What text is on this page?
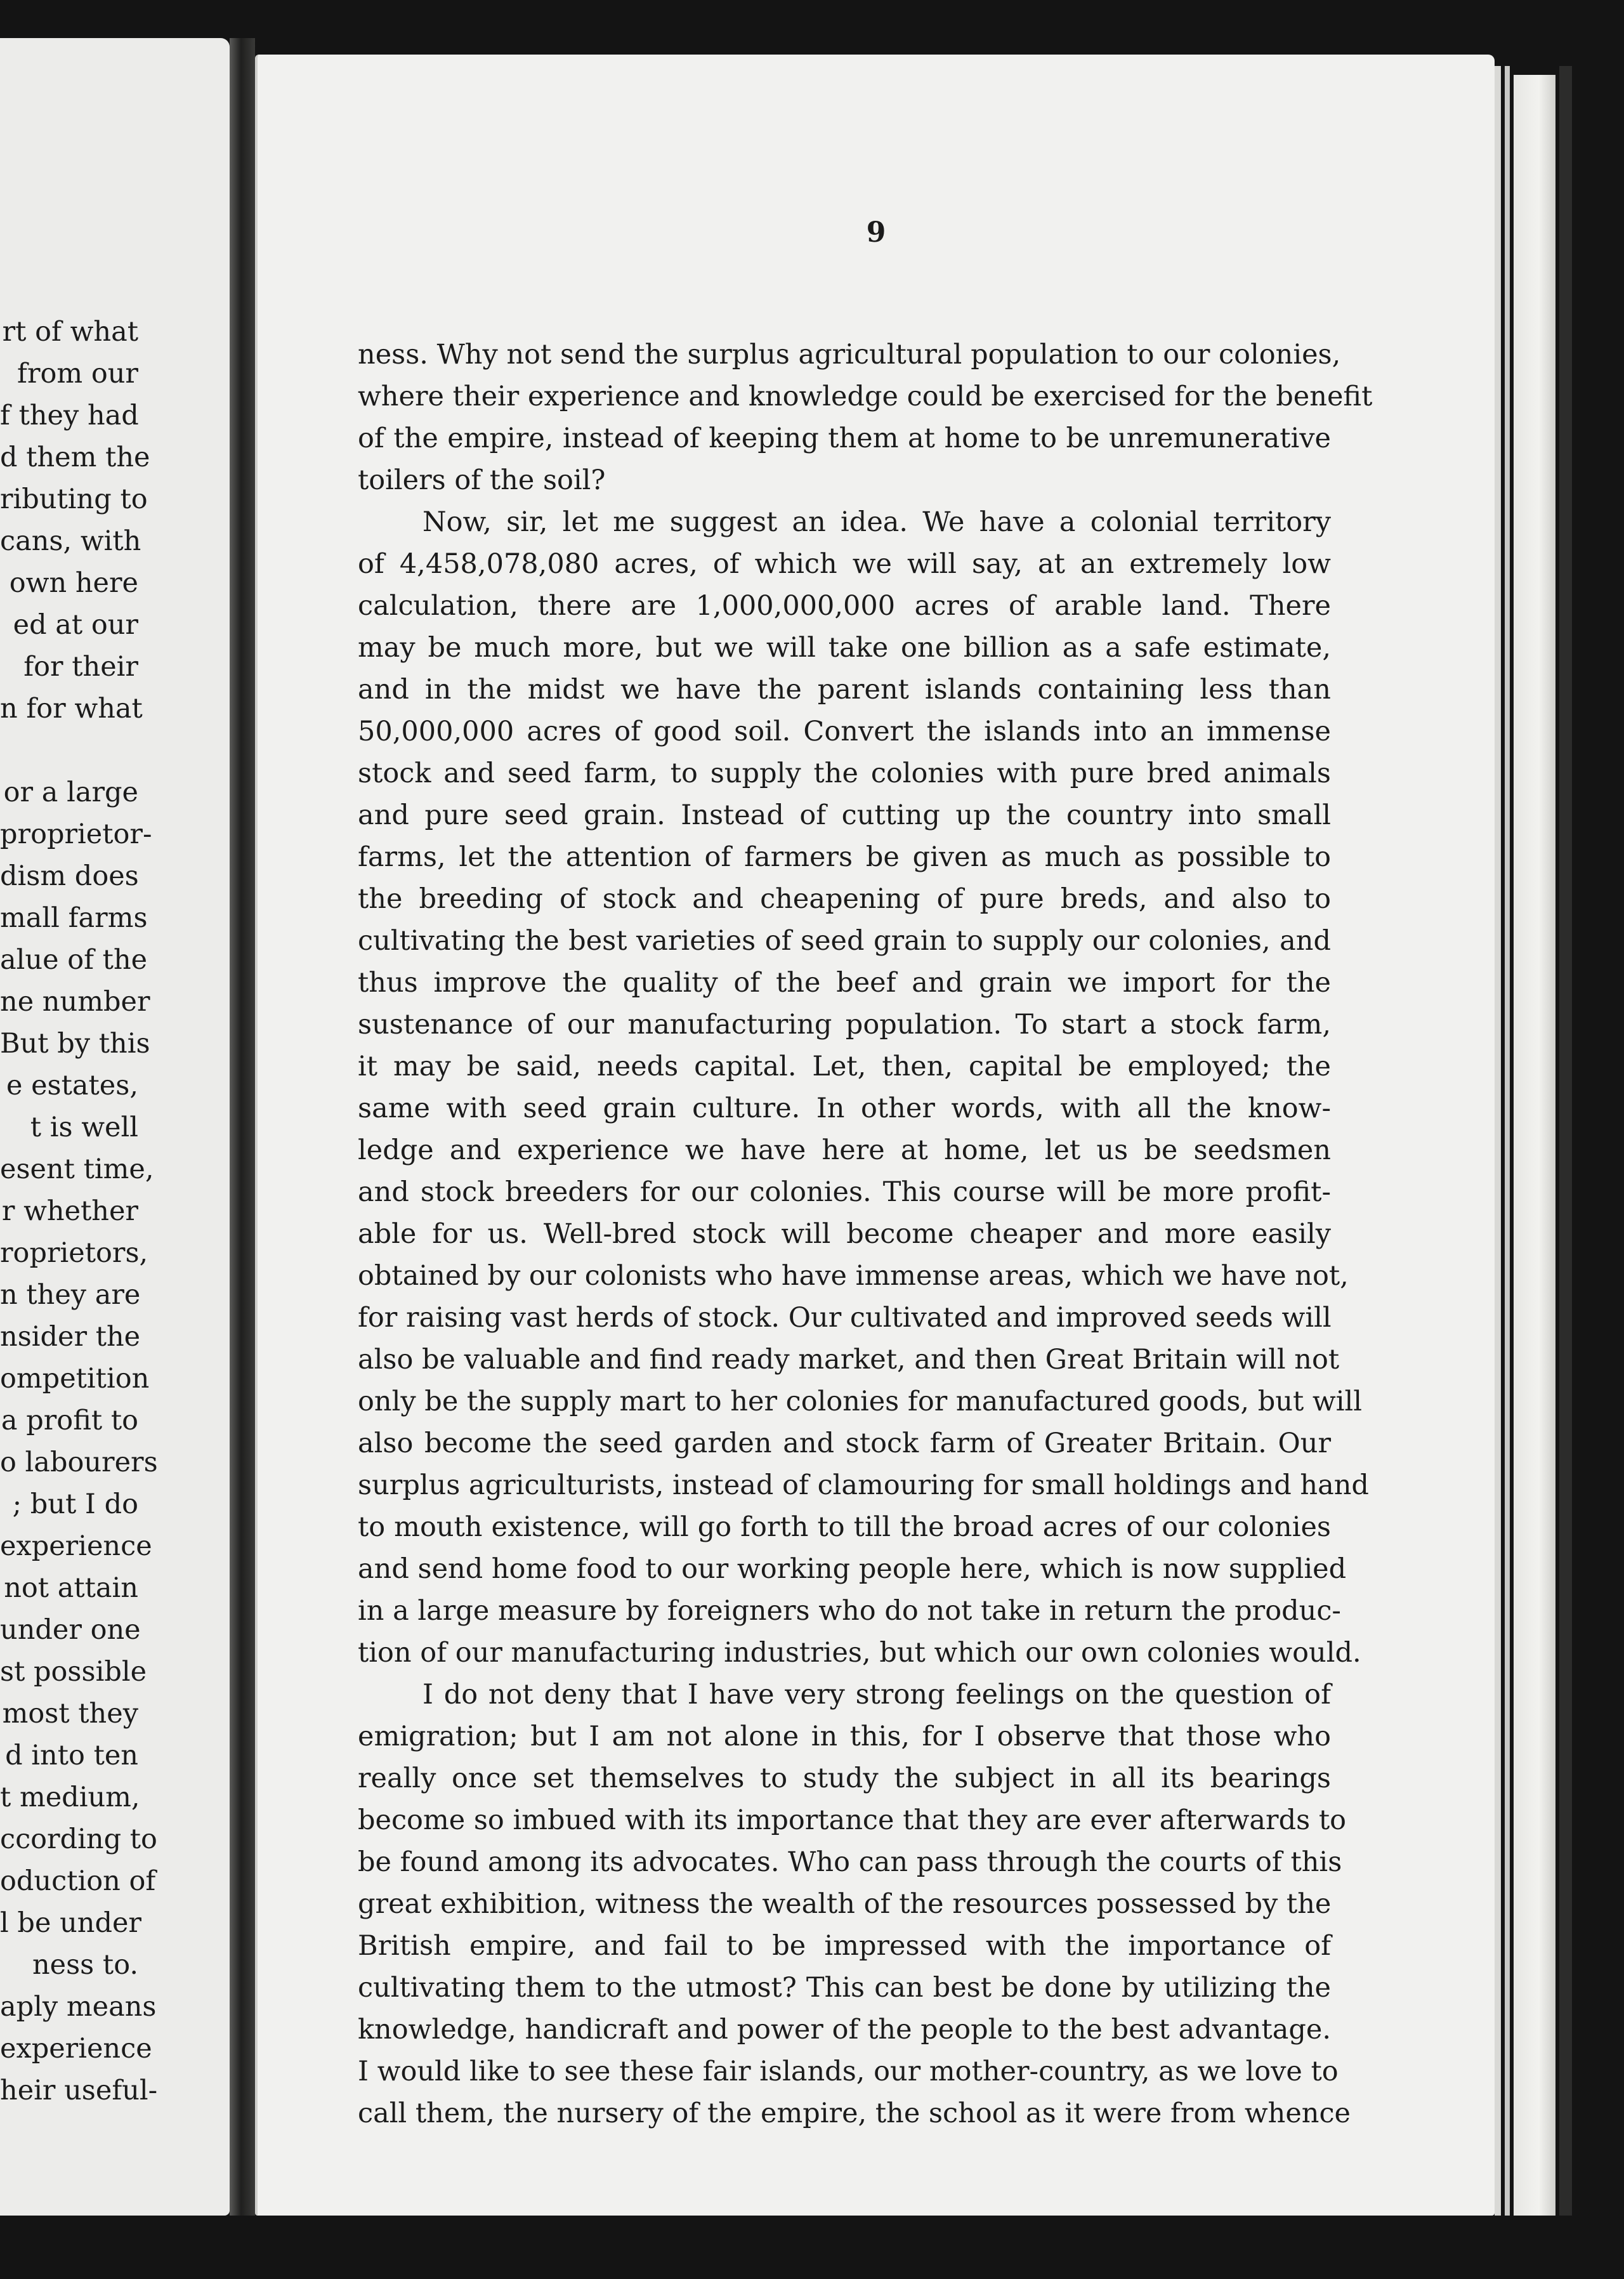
rt of what
from our
f they had
d them the
ributing to
cans, with
own here
ed at our
for their
n for what
or a large
proprietor-
dism does
mall farms
alue of the
ne number
But by this
e estates,
t is well
esent time,
r whether
roprietors,
n they are
nsider the
ompetition
a profit to
o labourers
; but I do
experience
not attain
under one
st possible
most they
d into ten
t medium,
ccording to
oduction of
l be under
ness to.
aply means
experience
heir useful-
9
ness. Why not send the surplus agricultural population to our colonies,
where their experience and knowledge could be exercised for the benefit
of the empire, instead of keeping them at home to be unremunerative
toilers of the soil?
Now, sir, let me suggest an idea. We have a colonial territory
of 4,458,078,080 acres, of which we will say, at an extremely low
calculation, there are 1,000,000,000 acres of arable land. There
may be much more, but we will take one billion as a safe estimate,
and in the midst we have the parent islands containing less than
50,000,000 acres of good soil. Convert the islands into an immense
stock and seed farm, to supply the colonies with pure bred animals
and pure seed grain. Instead of cutting up the country into small
farms, let the attention of farmers be given as much as possible to
the breeding of stock and cheapening of pure breds, and also to
cultivating the best varieties of seed grain to supply our colonies, and
thus improve the quality of the beef and grain we import for the
sustenance of our manufacturing population. To start a stock farm,
it may be said, needs capital. Let, then, capital be employed; the
same with seed grain culture. In other words, with all the know-
ledge and experience we have here at home, let us be seedsmen
and stock breeders for our colonies. This course will be more profit-
able for us. Well-bred stock will become cheaper and more easily
obtained by our colonists who have immense areas, which we have not,
for raising vast herds of stock. Our cultivated and improved seeds will
also be valuable and find ready market, and then Great Britain will not
only be the supply mart to her colonies for manufactured goods, but will
also become the seed garden and stock farm of Greater Britain. Our
surplus agriculturists, instead of clamouring for small holdings and hand
to mouth existence, will go forth to till the broad acres of our colonies
and send home food to our working people here, which is now supplied
in a large measure by foreigners who do not take in return the produc-
tion of our manufacturing industries, but which our own colonies would.
I do not deny that I have very strong feelings on the question of
emigration; but I am not alone in this, for I observe that those who
really once set themselves to study the subject in all its bearings
become so imbued with its importance that they are ever afterwards to
be found among its advocates. Who can pass through the courts of this
great exhibition, witness the wealth of the resources possessed by the
British empire, and fail to be impressed with the importance of
cultivating them to the utmost? This can best be done by utilizing the
knowledge, handicraft and power of the people to the best advantage.
I would like to see these fair islands, our mother-country, as we love to
call them, the nursery of the empire, the school as it were from whence
